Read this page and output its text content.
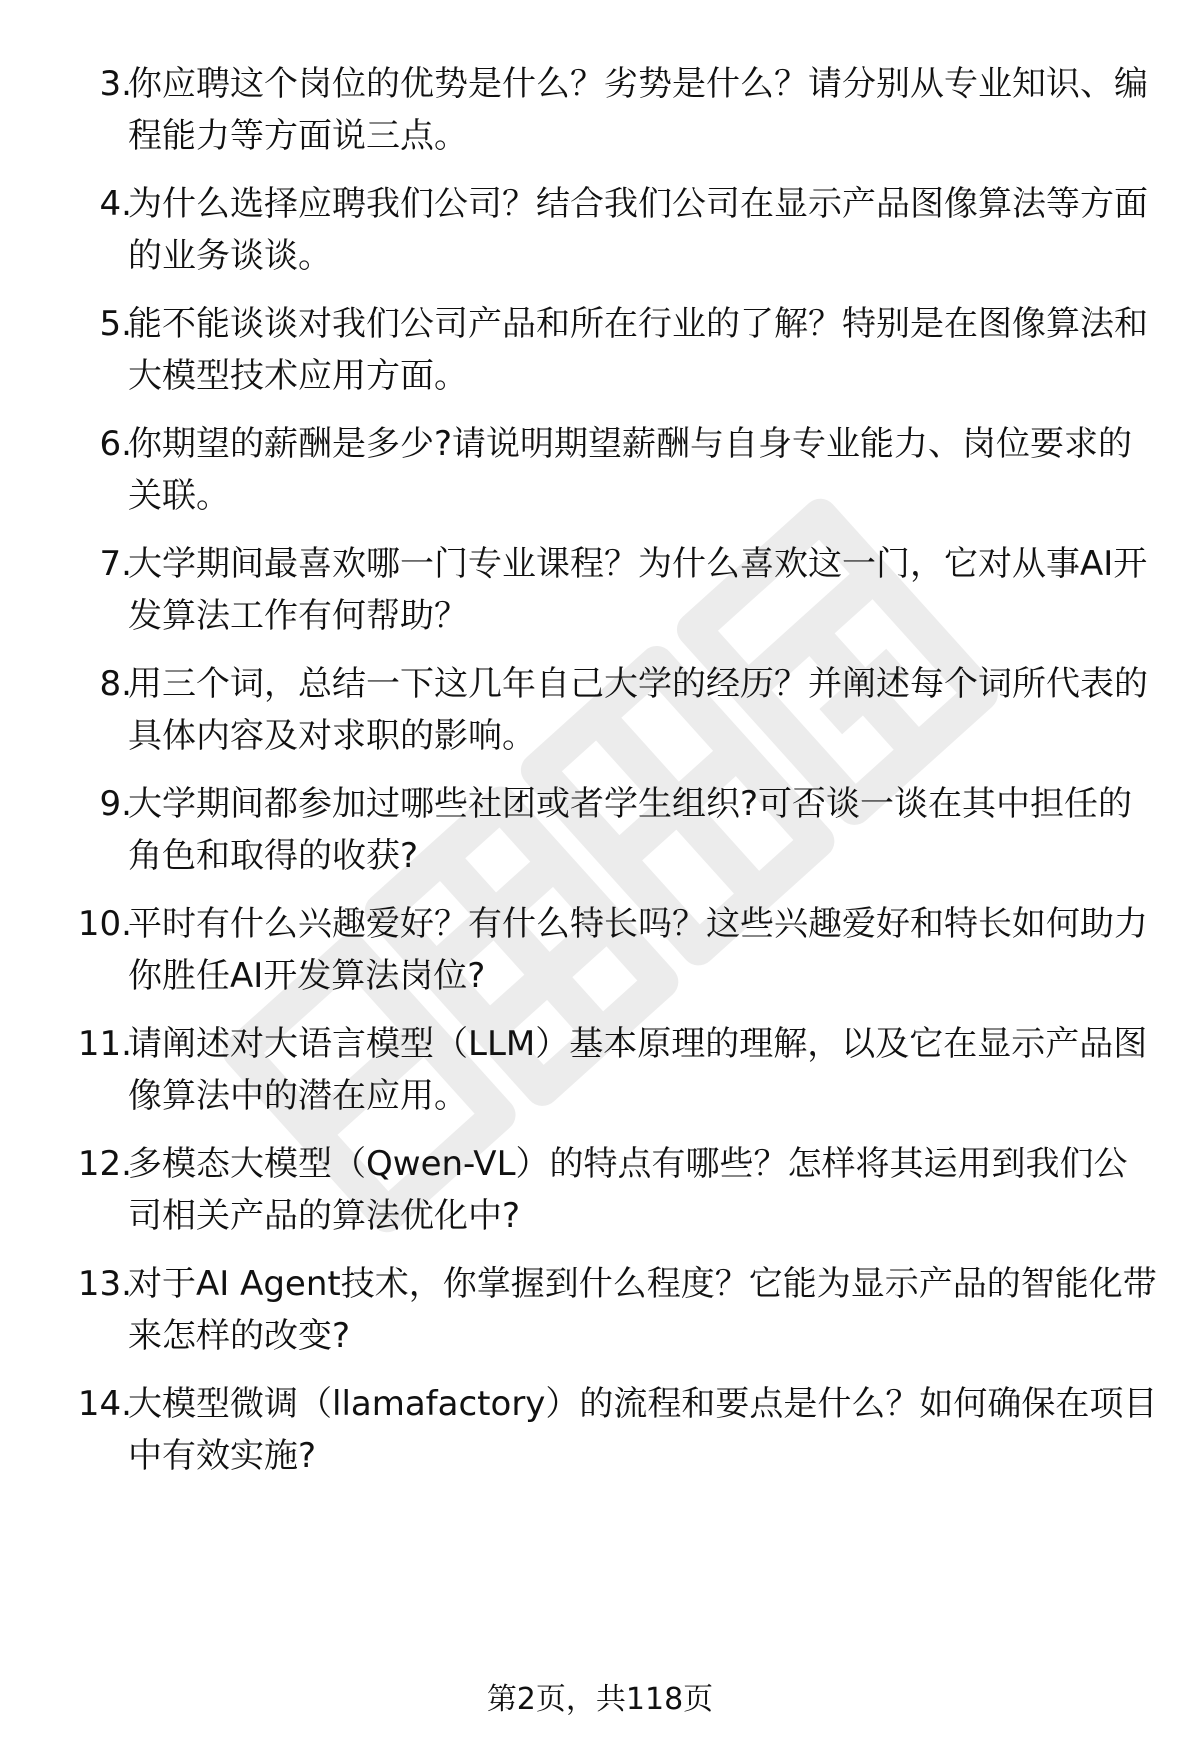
3.
你应聘这个岗位的优势是什么？劣势是什么？请分别从专业知识、编程能力等方面说三点。
4.
为什么选择应聘我们公司？结合我们公司在显示产品图像算法等方面的业务谈谈。
5.
能不能谈谈对我们公司产品和所在行业的了解？特别是在图像算法和大模型技术应用方面。
6.
你期望的薪酬是多少?请说明期望薪酬与自身专业能力、岗位要求的关联。
7.
大学期间最喜欢哪一门专业课程？为什么喜欢这一门，它对从事AI开发算法工作有何帮助？
8.
用三个词，总结一下这几年自己大学的经历？并阐述每个词所代表的具体内容及对求职的影响。
9.
大学期间都参加过哪些社团或者学生组织?可否谈一谈在其中担任的角色和取得的收获?
10.
平时有什么兴趣爱好？有什么特长吗？这些兴趣爱好和特长如何助力你胜任AI开发算法岗位?
11.
请阐述对大语言模型（LLM）基本原理的理解，以及它在显示产品图像算法中的潜在应用。
12.
多模态大模型（Qwen-VL）的特点有哪些？怎样将其运用到我们公司相关产品的算法优化中?
13.
对于AI Agent技术，你掌握到什么程度？它能为显示产品的智能化带来怎样的改变?
14.
大模型微调（llamafactory）的流程和要点是什么？如何确保在项目中有效实施?
第2页，共118页
